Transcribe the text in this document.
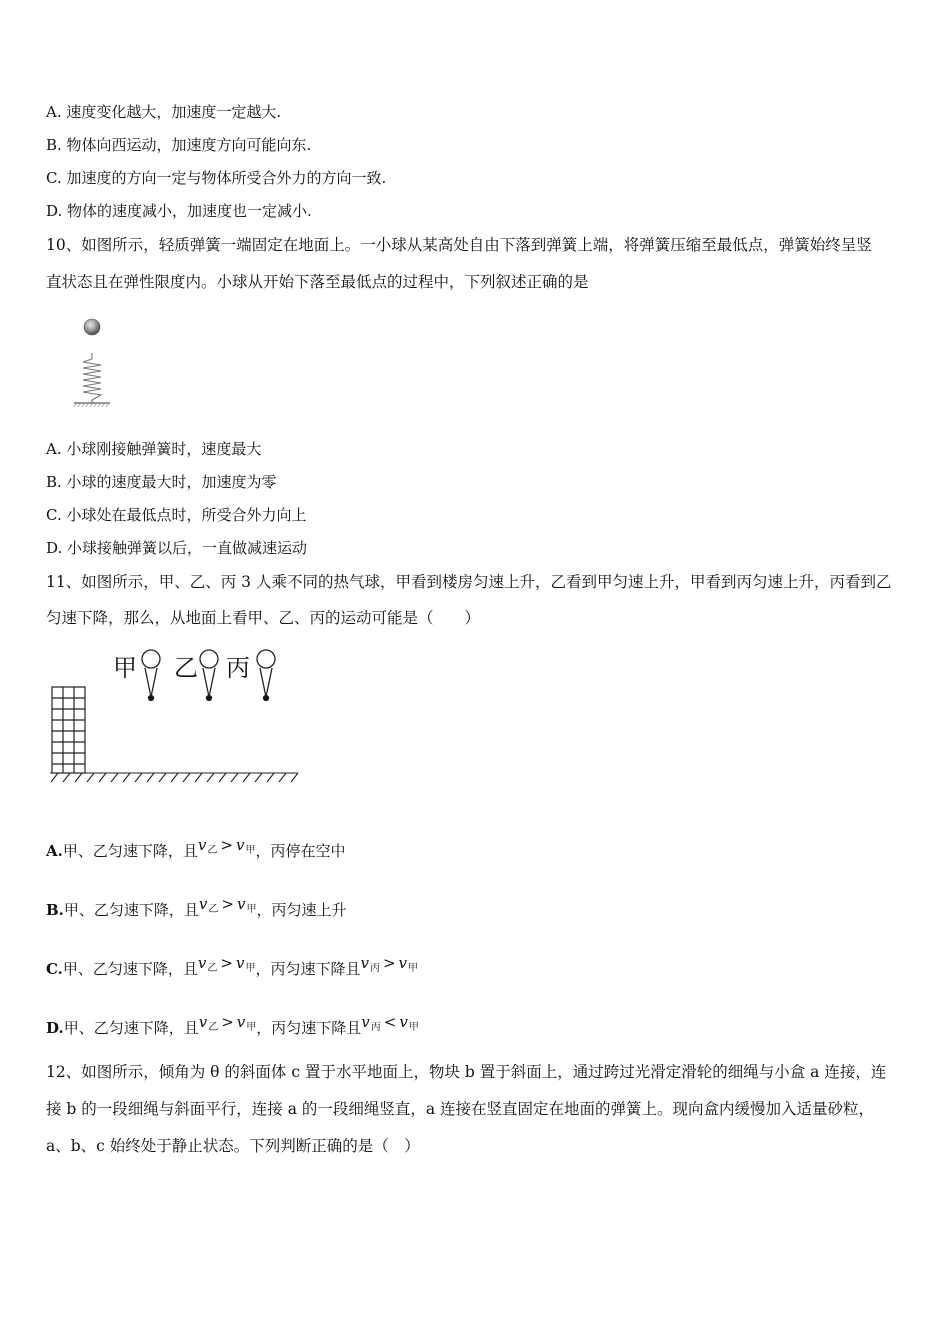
A. 速度变化越大，加速度一定越大.
B. 物体向西运动，加速度方向可能向东.
C. 加速度的方向一定与物体所受合外力的方向一致.
D. 物体的速度减小，加速度也一定减小.
10、如图所示，轻质弹簧一端固定在地面上。一小球从某高处自由下落到弹簧上端，将弹簧压缩至最低点，弹簧始终呈竖
直状态且在弹性限度内。小球从开始下落至最低点的过程中，下列叙述正确的是
A. 小球刚接触弹簧时，速度最大
B. 小球的速度最大时，加速度为零
C. 小球处在最低点时，所受合外力向上
D. 小球接触弹簧以后，一直做减速运动
11、如图所示，甲、乙、丙 3 人乘不同的热气球，甲看到楼房匀速上升，乙看到甲匀速上升，甲看到丙匀速上升，丙看到乙
匀速下降，那么，从地面上看甲、乙、丙的运动可能是（　　）
甲 乙 丙
A.甲、乙匀速下降，且$v_乙 > v_甲$，丙停在空中
B.甲、乙匀速下降，且$v_乙 > v_甲$，丙匀速上升
C.甲、乙匀速下降，且$v_乙 > v_甲$，丙匀速下降且$v_丙 > v_甲$
D.甲、乙匀速下降，且$v_乙 > v_甲$，丙匀速下降且$v_丙 < v_甲$
12、如图所示，倾角为 θ 的斜面体 c 置于水平地面上，物块 b 置于斜面上，通过跨过光滑定滑轮的细绳与小盒 a 连接，连
接 b 的一段细绳与斜面平行，连接 a 的一段细绳竖直，a 连接在竖直固定在地面的弹簧上。现向盒内缓慢加入适量砂粒，
a、b、c 始终处于静止状态。下列判断正确的是（　）
